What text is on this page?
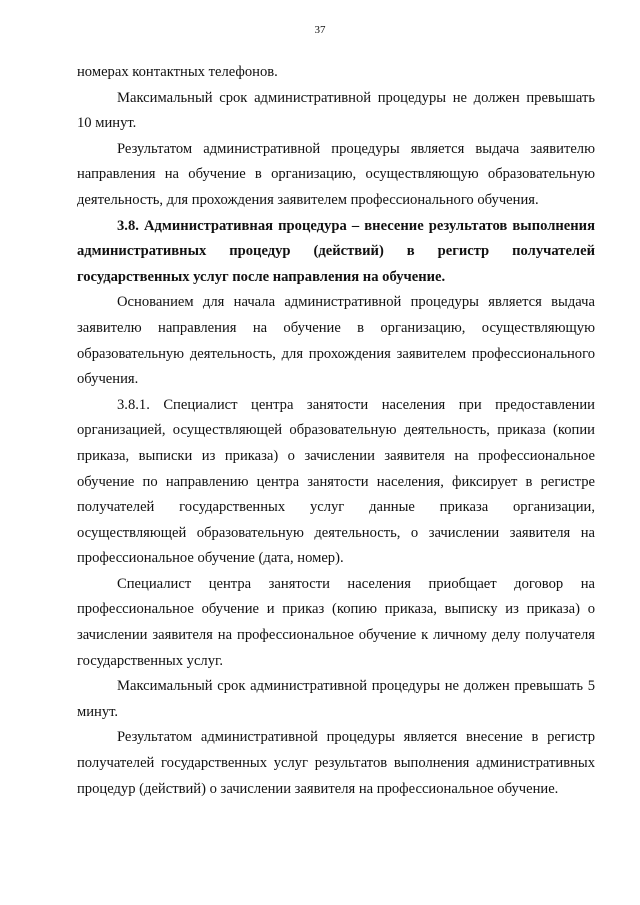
37

номерах контактных телефонов.

Максимальный срок административной процедуры не должен превышать 10 минут.

Результатом административной процедуры является выдача заявителю направления на обучение в организацию, осуществляющую образовательную деятельность, для прохождения заявителем профессионального обучения.

3.8. Административная процедура – внесение результатов выполнения административных процедур (действий) в регистр получателей государственных услуг после направления на обучение.

Основанием для начала административной процедуры является выдача заявителю направления на обучение в организацию, осуществляющую образовательную деятельность, для прохождения заявителем профессионального обучения.

3.8.1. Специалист центра занятости населения при предоставлении организацией, осуществляющей образовательную деятельность, приказа (копии приказа, выписки из приказа) о зачислении заявителя на профессиональное обучение по направлению центра занятости населения, фиксирует в регистре получателей государственных услуг данные приказа организации, осуществляющей образовательную деятельность, о зачислении заявителя на профессиональное обучение (дата, номер).

Специалист центра занятости населения приобщает договор на профессиональное обучение и приказ (копию приказа, выписку из приказа) о зачислении заявителя на профессиональное обучение к личному делу получателя государственных услуг.

Максимальный срок административной процедуры не должен превышать 5 минут.

Результатом административной процедуры является внесение в регистр получателей государственных услуг результатов выполнения административных процедур (действий) о зачислении заявителя на профессиональное обучение.
